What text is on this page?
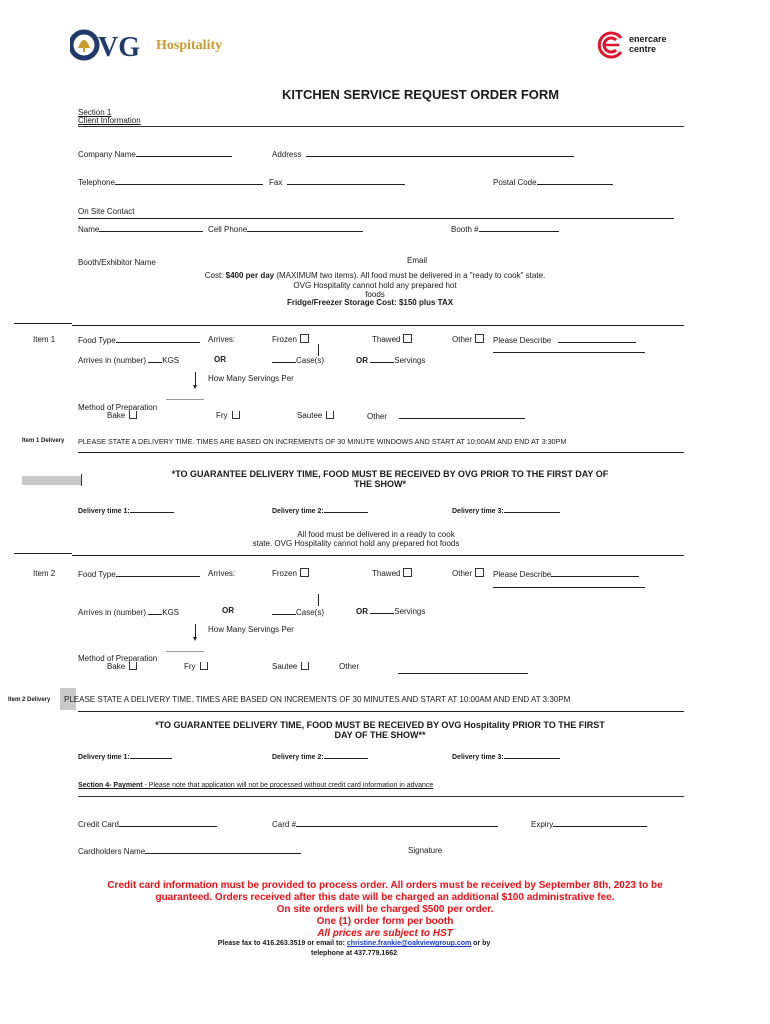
VG Hospitality	enercare
centre
KITCHEN SERVICE REQUEST ORDER FORM
Section 1
Client Information
Company Name	Address
Telephone	Fax	Postal Code
On Site Contact
Name	Cell Phone	Booth #
Email
Booth/Exhibitor Name
Cost: $400 per day (MAXIMUM two items). All food must be delivered in a "ready to cook" state.
OVG Hospitality cannot hold any prepared hot
foods
Fridge/Freezer Storage Cost: $150 plus TAX
Item 1	Food Type	Arrives:	Frozen	Thawed	Other	Please Describe
Arrives in (number) KGS	OR	Case(s)	OR	Servings
How Many Servings Per
Method of Preparation
Bake	Fry	Sautee	Other
Item 1 Delivery PLEASE STATE A DELIVERY TIME. TIMES ARE BASED ON INCREMENTS OF 30 MINUTE WINDOWS AND START AT 10:00AM AND END AT 3:30PM
*TO GUARANTEE DELIVERY TIME, FOOD MUST BE RECEIVED BY OVG PRIOR TO THE FIRST DAY OF
THE SHOW*
Delivery time 1:	Delivery time 2:	Delivery time 3:
All food must be delivered in a ready to cook
state. OVG Hospitality cannot hold any prepared hot foods
Item 2	Food Type	Arrives:	Frozen	Thawed	Other	Please Describe
Arrives in (number) KGS	OR	Case(s)	OR	Servings
How Many Servings Per
Method of Preparation
Bake	Fry	Sautee	Other
Item 2 Delivery PLEASE STATE A DELIVERY TIME. TIMES ARE BASED ON INCREMENTS OF 30 MINUTES AND START AT 10:00AM AND END AT 3:30PM
*TO GUARANTEE DELIVERY TIME, FOOD MUST BE RECEIVED BY OVG Hospitality PRIOR TO THE FIRST
DAY OF THE SHOW**
Delivery time 1:	Delivery time 2:	Delivery time 3:
Section 4- Payment - Please note that application will not be processed without credit card information in advance
Credit Card	Card #	Expiry
Cardholders Name	Signature
Credit card information must be provided to process order. All orders must be received by September 8th, 2023 to be
guaranteed. Orders received after this date will be charged an additional $100 administrative fee.
On site orders will be charged $500 per order.
One (1) order form per booth
All prices are subject to HST
Please fax to 416.263.3519 or email to: christine.frankie@oakviewgroup.com or by
telephone at 437.779.1662
